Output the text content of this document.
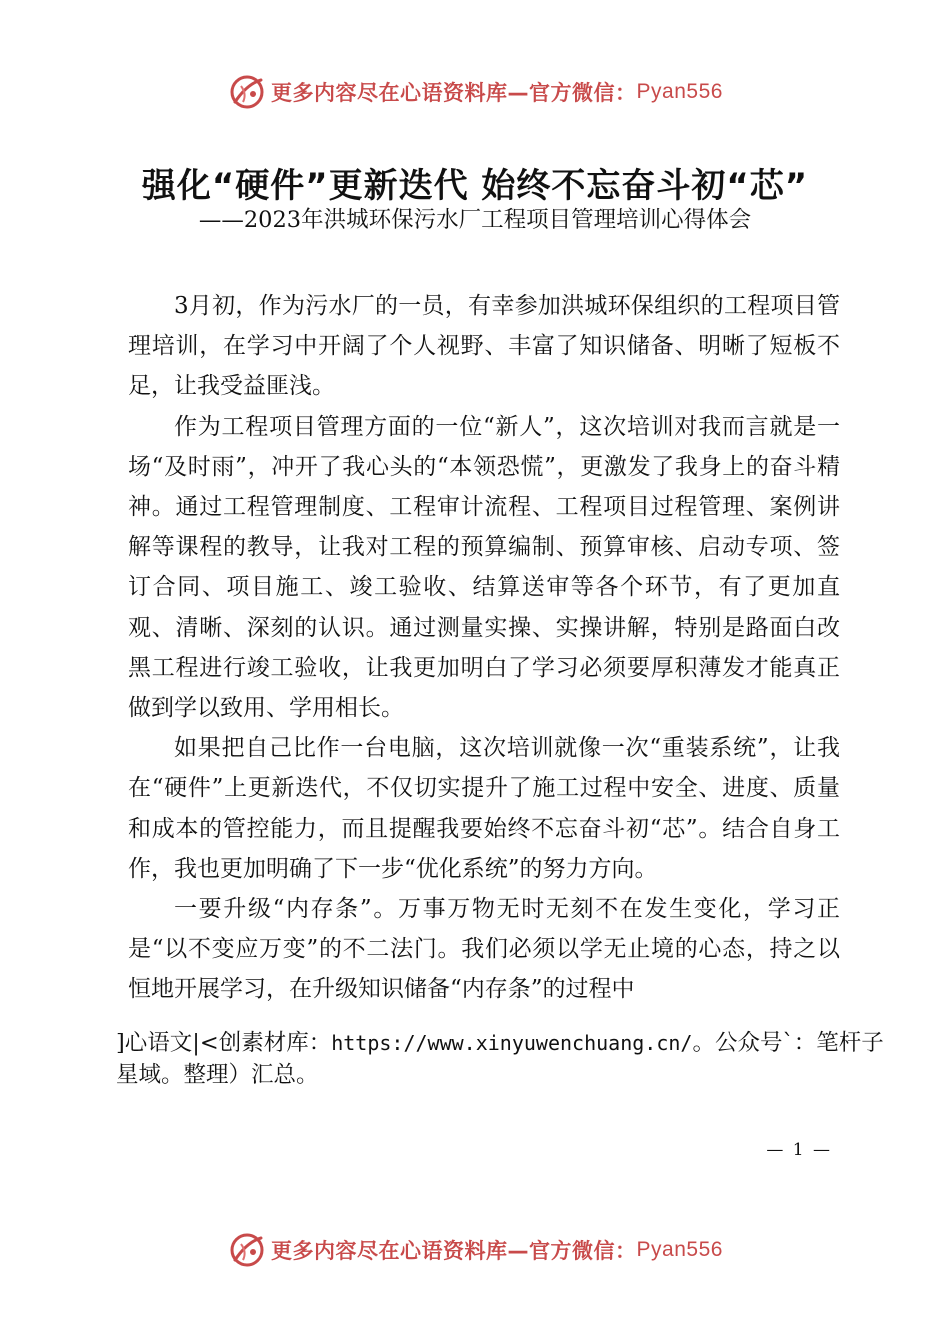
更多内容尽在心语资料库—官方微信： Pyan556
强化“硬件”更新迭代 始终不忘奋斗初“芯”
——2023年洪城环保污水厂工程项目管理培训心得体会

3月初，作为污水厂的一员，有幸参加洪城环保组织的工程项目管理培训，在学习中开阔了个人视野、丰富了知识储备、明晰了短板不足，让我受益匪浅。

作为工程项目管理方面的一位“新人”，这次培训对我而言就是一场“及时雨”，冲开了我心头的“本领恐慌”，更激发了我身上的奋斗精神。通过工程管理制度、工程审计流程、工程项目过程管理、案例讲解等课程的教导，让我对工程的预算编制、预算审核、启动专项、签订合同、项目施工、竣工验收、结算送审等各个环节，有了更加直观、清晰、深刻的认识。通过测量实操、实操讲解，特别是路面白改黑工程进行竣工验收，让我更加明白了学习必须要厚积薄发才能真正做到学以致用、学用相长。

如果把自己比作一台电脑，这次培训就像一次“重装系统”，让我在“硬件”上更新迭代，不仅切实提升了施工过程中安全、进度、质量和成本的管控能力，而且提醒我要始终不忘奋斗初“芯”。结合自身工作，我也更加明确了下一步“优化系统”的努力方向。

一要升级“内存条”。万事万物无时无刻不在发生变化，学习正是“以不变应万变”的不二法门。我们必须以学无止境的心态，持之以恒地开展学习，在升级知识储备“内存条”的过程中

]心语文|<创素材库：https://www.xinyuwenchuang.cn/。公众号`：笔杆子星域。整理）汇总。
— 1 —
更多内容尽在心语资料库—官方微信： Pyan556
